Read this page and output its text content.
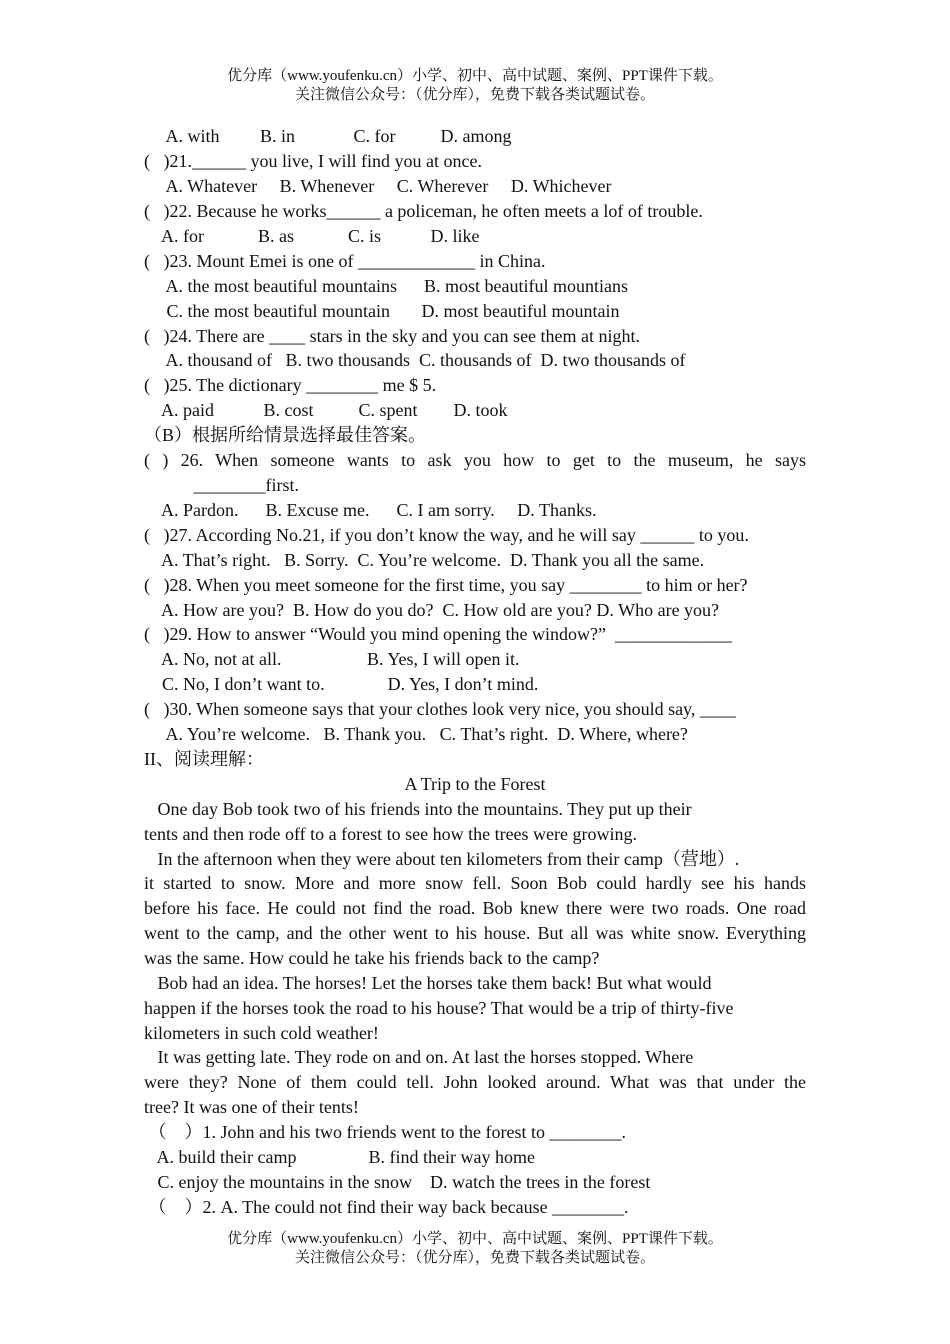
优分库（www.youfenku.cn）小学、初中、高中试题、案例、PPT课件下载。
关注微信公众号：（优分库），免费下载各类试题试卷。
A. with         B. in             C. for          D. among
(   )21.______ you live, I will find you at once.
A. Whatever     B. Whenever     C. Wherever     D. Whichever
(   )22. Because he works______ a policeman, he often meets a lof of trouble.
A. for            B. as            C. is           D. like
(   )23. Mount Emei is one of _____________ in China.
A. the most beautiful mountains      B. most beautiful mountians
C. the most beautiful mountain       D. most beautiful mountain
(   )24. There are ____ stars in the sky and you can see them at night.
A. thousand of   B. two thousands  C. thousands of  D. two thousands of
(   )25. The dictionary ________ me $ 5.
A. paid           B. cost          C. spent        D. took
（B）根据所给情景选择最佳答案。
( ) 26. When someone wants to ask you how to get to the museum, he says
________first.
A. Pardon.      B. Excuse me.      C. I am sorry.     D. Thanks.
(   )27. According No.21, if you don’t know the way, and he will say ______ to you.
A. That’s right.   B. Sorry.  C. You’re welcome.  D. Thank you all the same.
(   )28. When you meet someone for the first time, you say ________ to him or her?
A. How are you?  B. How do you do?  C. How old are you? D. Who are you?
(   )29. How to answer “Would you mind opening the window?”  _____________
A. No, not at all.                   B. Yes, I will open it.
C. No, I don’t want to.              D. Yes, I don’t mind.
(   )30. When someone says that your clothes look very nice, you should say, ____
A. You’re welcome.   B. Thank you.   C. That’s right.  D. Where, where?
II、阅读理解：
A Trip to the Forest
One day Bob took two of his friends into the mountains. They put up their
tents and then rode off to a forest to see how the trees were growing.
In the afternoon when they were about ten kilometers from their camp（营地）.
it started to snow. More and more snow fell. Soon Bob could hardly see his hands
before his face. He could not find the road. Bob knew there were two roads. One road
went to the camp, and the other went to his house. But all was white snow. Everything
was the same. How could he take his friends back to the camp?
Bob had an idea. The horses! Let the horses take them back! But what would
happen if the horses took the road to his house? That would be a trip of thirty-five
kilometers in such cold weather!
It was getting late. They rode on and on. At last the horses stopped. Where
were they? None of them could tell. John looked around. What was that under the
tree? It was one of their tents!
（    ）1. John and his two friends went to the forest to ________.
A. build their camp                B. find their way home
C. enjoy the mountains in the snow    D. watch the trees in the forest
（    ）2. A. The could not find their way back because ________.
优分库（www.youfenku.cn）小学、初中、高中试题、案例、PPT课件下载。
关注微信公众号：（优分库），免费下载各类试题试卷。
